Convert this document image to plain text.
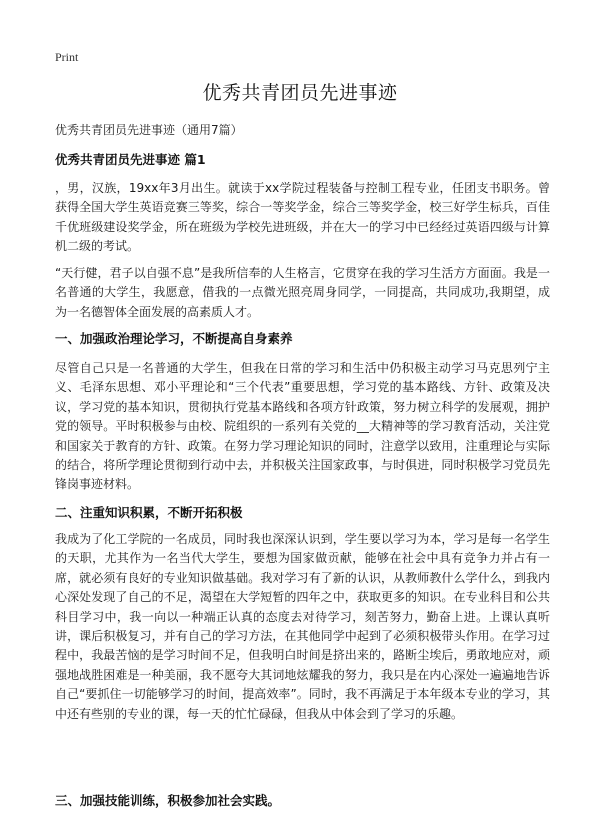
Print
优秀共青团员先进事迹
优秀共青团员先进事迹（通用7篇）
优秀共青团员先进事迹 篇1
，男，汉族，19xx年3月出生。就读于xx学院过程装备与控制工程专业，任团支书职务。曾获得全国大学生英语竞赛三等奖，综合一等奖学金，综合三等奖学金，校三好学生标兵，百佳千优班级建设奖学金，所在班级为学校先进班级，并在大一的学习中已经经过英语四级与计算机二级的考试。
“天行健，君子以自强不息”是我所信奉的人生格言，它贯穿在我的学习生活方方面面。我是一名普通的大学生，我愿意，借我的一点微光照亮周身同学，一同提高，共同成功,我期望，成为一名德智体全面发展的高素质人才。
一、加强政治理论学习，不断提高自身素养
尽管自己只是一名普通的大学生，但我在日常的学习和生活中仍积极主动学习马克思列宁主义、毛泽东思想、邓小平理论和“三个代表”重要思想，学习党的基本路线、方针、政策及决议，学习党的基本知识，贯彻执行党基本路线和各项方针政策，努力树立科学的发展观，拥护党的领导。平时积极参与由校、院组织的一系列有关党的__大精神等的学习教育活动，关注党和国家关于教育的方针、政策。在努力学习理论知识的同时，注意学以致用，注重理论与实际的结合，将所学理论贯彻到行动中去，并积极关注国家政事，与时俱进，同时积极学习党员先锋岗事迹材料。
二、注重知识积累，不断开拓积极
我成为了化工学院的一名成员，同时我也深深认识到，学生要以学习为本，学习是每一名学生的天职，尤其作为一名当代大学生，要想为国家做贡献，能够在社会中具有竞争力并占有一席，就必须有良好的专业知识做基础。我对学习有了新的认识，从教师教什么学什么，到我内心深处发现了自己的不足，渴望在大学短暂的四年之中，获取更多的知识。在专业科目和公共科目学习中，我一向以一种端正认真的态度去对待学习，刻苦努力，勤奋上进。上课认真听讲，课后积极复习，并有自己的学习方法，在其他同学中起到了必须积极带头作用。在学习过程中，我最苦恼的是学习时间不足，但我明白时间是挤出来的，路断尘埃后，勇敢地应对，顽强地战胜困难是一种美丽，我不愿夸大其词地炫耀我的努力，我只是在内心深处一遍遍地告诉自己“要抓住一切能够学习的时间，提高效率”。同时，我不再满足于本年级本专业的学习，其中还有些别的专业的课，每一天的忙忙碌碌，但我从中体会到了学习的乐趣。
三、加强技能训练，积极参加社会实践。
